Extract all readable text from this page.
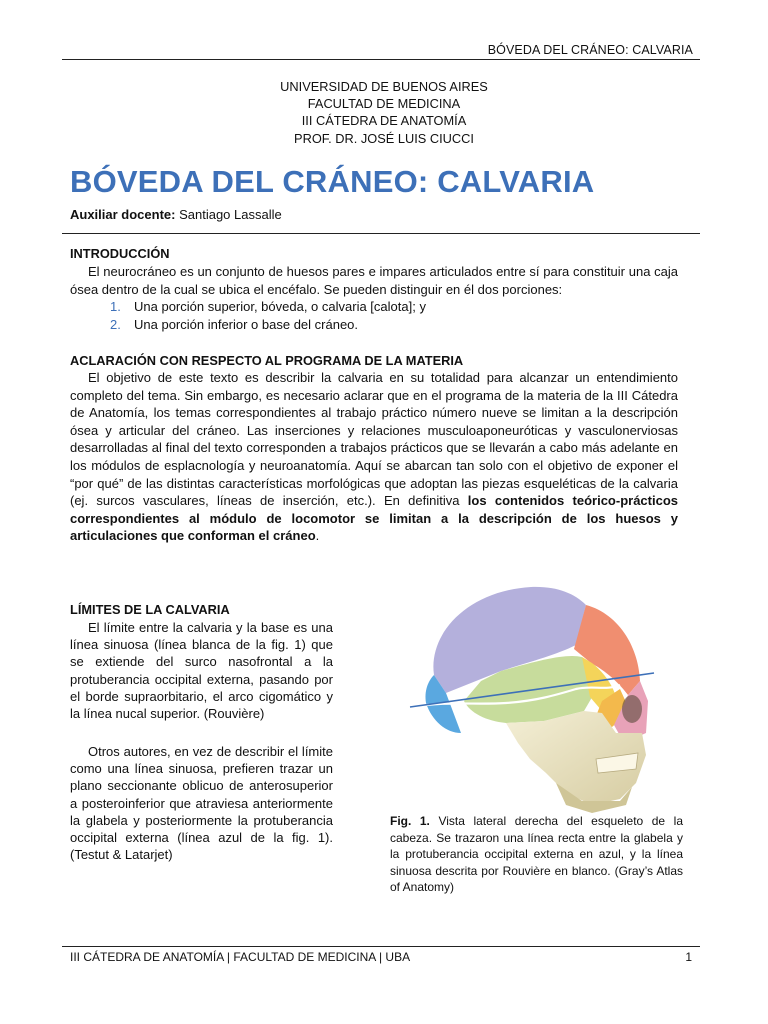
BÓVEDA DEL CRÁNEO: CALVARIA
UNIVERSIDAD DE BUENOS AIRES
FACULTAD DE MEDICINA
III CÁTEDRA DE ANATOMÍA
PROF. DR. JOSÉ LUIS CIUCCI
BÓVEDA DEL CRÁNEO: CALVARIA
Auxiliar docente: Santiago Lassalle
INTRODUCCIÓN
El neurocráneo es un conjunto de huesos pares e impares articulados entre sí para constituir una caja ósea dentro de la cual se ubica el encéfalo. Se pueden distinguir en él dos porciones:
1. Una porción superior, bóveda, o calvaria [calota]; y
2. Una porción inferior o base del cráneo.
ACLARACIÓN CON RESPECTO AL PROGRAMA DE LA MATERIA
El objetivo de este texto es describir la calvaria en su totalidad para alcanzar un entendimiento completo del tema. Sin embargo, es necesario aclarar que en el programa de la materia de la III Cátedra de Anatomía, los temas correspondientes al trabajo práctico número nueve se limitan a la descripción ósea y articular del cráneo. Las inserciones y relaciones musculoaponeuróticas y vasculonerviosas desarrolladas al final del texto corresponden a trabajos prácticos que se llevarán a cabo más adelante en los módulos de esplacnología y neuroanatomía. Aquí se abarcan tan solo con el objetivo de exponer el “por qué” de las distintas características morfológicas que adoptan las piezas esqueléticas de la calvaria (ej. surcos vasculares, líneas de inserción, etc.). En definitiva los contenidos teórico-prácticos correspondientes al módulo de locomotor se limitan a la descripción de los huesos y articulaciones que conforman el cráneo.
LÍMITES DE LA CALVARIA
El límite entre la calvaria y la base es una línea sinuosa (línea blanca de la fig. 1) que se extiende del surco nasofrontal a la protuberancia occipital externa, pasando por el borde supraorbitario, el arco cigomático y la línea nucal superior. (Rouvière)
Otros autores, en vez de describir el límite como una línea sinuosa, prefieren trazar un plano seccionante oblicuo de anterosuperior a posteroinferior que atraviesa anteriormente la glabela y posteriormente la protuberancia occipital externa (línea azul de la fig. 1). (Testut & Latarjet)
Fig. 1. Vista lateral derecha del esqueleto de la cabeza. Se trazaron una línea recta entre la glabela y la protuberancia occipital externa en azul, y la línea sinuosa descrita por Rouvière en blanco. (Gray’s Atlas of Anatomy)
III CÁTEDRA DE ANATOMÍA | FACULTAD DE MEDICINA | UBA	1
